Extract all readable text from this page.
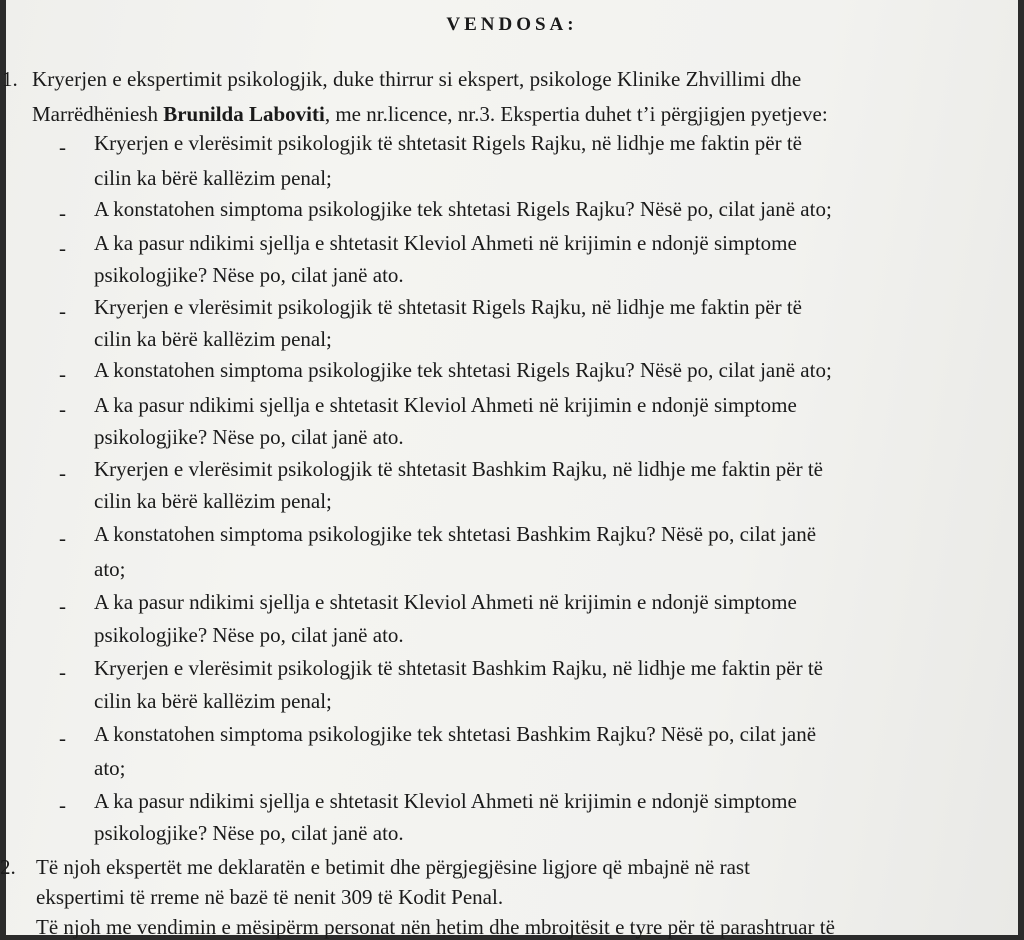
VENDOSA:
1. Kryerjen e ekspertimit psikologjik, duke thirrur si ekspert, psikologe Klinike Zhvillimi dhe
Marrëdhëniesh Brunilda Laboviti, me nr.licence, nr.3. Ekspertia duhet t’i përgjigjen pyetjeve:
-
-
-
-
-
-
-
-
-
-
-
-
Kryerjen e vlerësimit psikologjik të shtetasit Rigels Rajku, në lidhje me faktin për të
cilin ka bërë kallëzim penal;
A konstatohen simptoma psikologjike tek shtetasi Rigels Rajku? Nësë po, cilat janë ato;
A ka pasur ndikimi sjellja e shtetasit Kleviol Ahmeti në krijimin e ndonjë simptome
psikologjike? Nëse po, cilat janë ato.
Kryerjen e vlerësimit psikologjik të shtetasit Rigels Rajku, në lidhje me faktin për të
cilin ka bërë kallëzim penal;
A konstatohen simptoma psikologjike tek shtetasi Rigels Rajku? Nësë po, cilat janë ato;
A ka pasur ndikimi sjellja e shtetasit Kleviol Ahmeti në krijimin e ndonjë simptome
psikologjike? Nëse po, cilat janë ato.
Kryerjen e vlerësimit psikologjik të shtetasit Bashkim Rajku, në lidhje me faktin për të
cilin ka bërë kallëzim penal;
A konstatohen simptoma psikologjike tek shtetasi Bashkim Rajku? Nësë po, cilat janë
ato;
A ka pasur ndikimi sjellja e shtetasit Kleviol Ahmeti në krijimin e ndonjë simptome
psikologjike? Nëse po, cilat janë ato.
Kryerjen e vlerësimit psikologjik të shtetasit Bashkim Rajku, në lidhje me faktin për të
cilin ka bërë kallëzim penal;
A konstatohen simptoma psikologjike tek shtetasi Bashkim Rajku? Nësë po, cilat janë
ato;
A ka pasur ndikimi sjellja e shtetasit Kleviol Ahmeti në krijimin e ndonjë simptome
psikologjike? Nëse po, cilat janë ato.
2. Të njoh ekspertët me deklaratën e betimit dhe përgjegjësine ligjore që mbajnë në rast
ekspertimi të rreme në bazë të nenit 309 të Kodit Penal.
Të njoh me vendimin e mësipërm personat nën hetim dhe mbrojtësit e tyre për të parashtruar të
